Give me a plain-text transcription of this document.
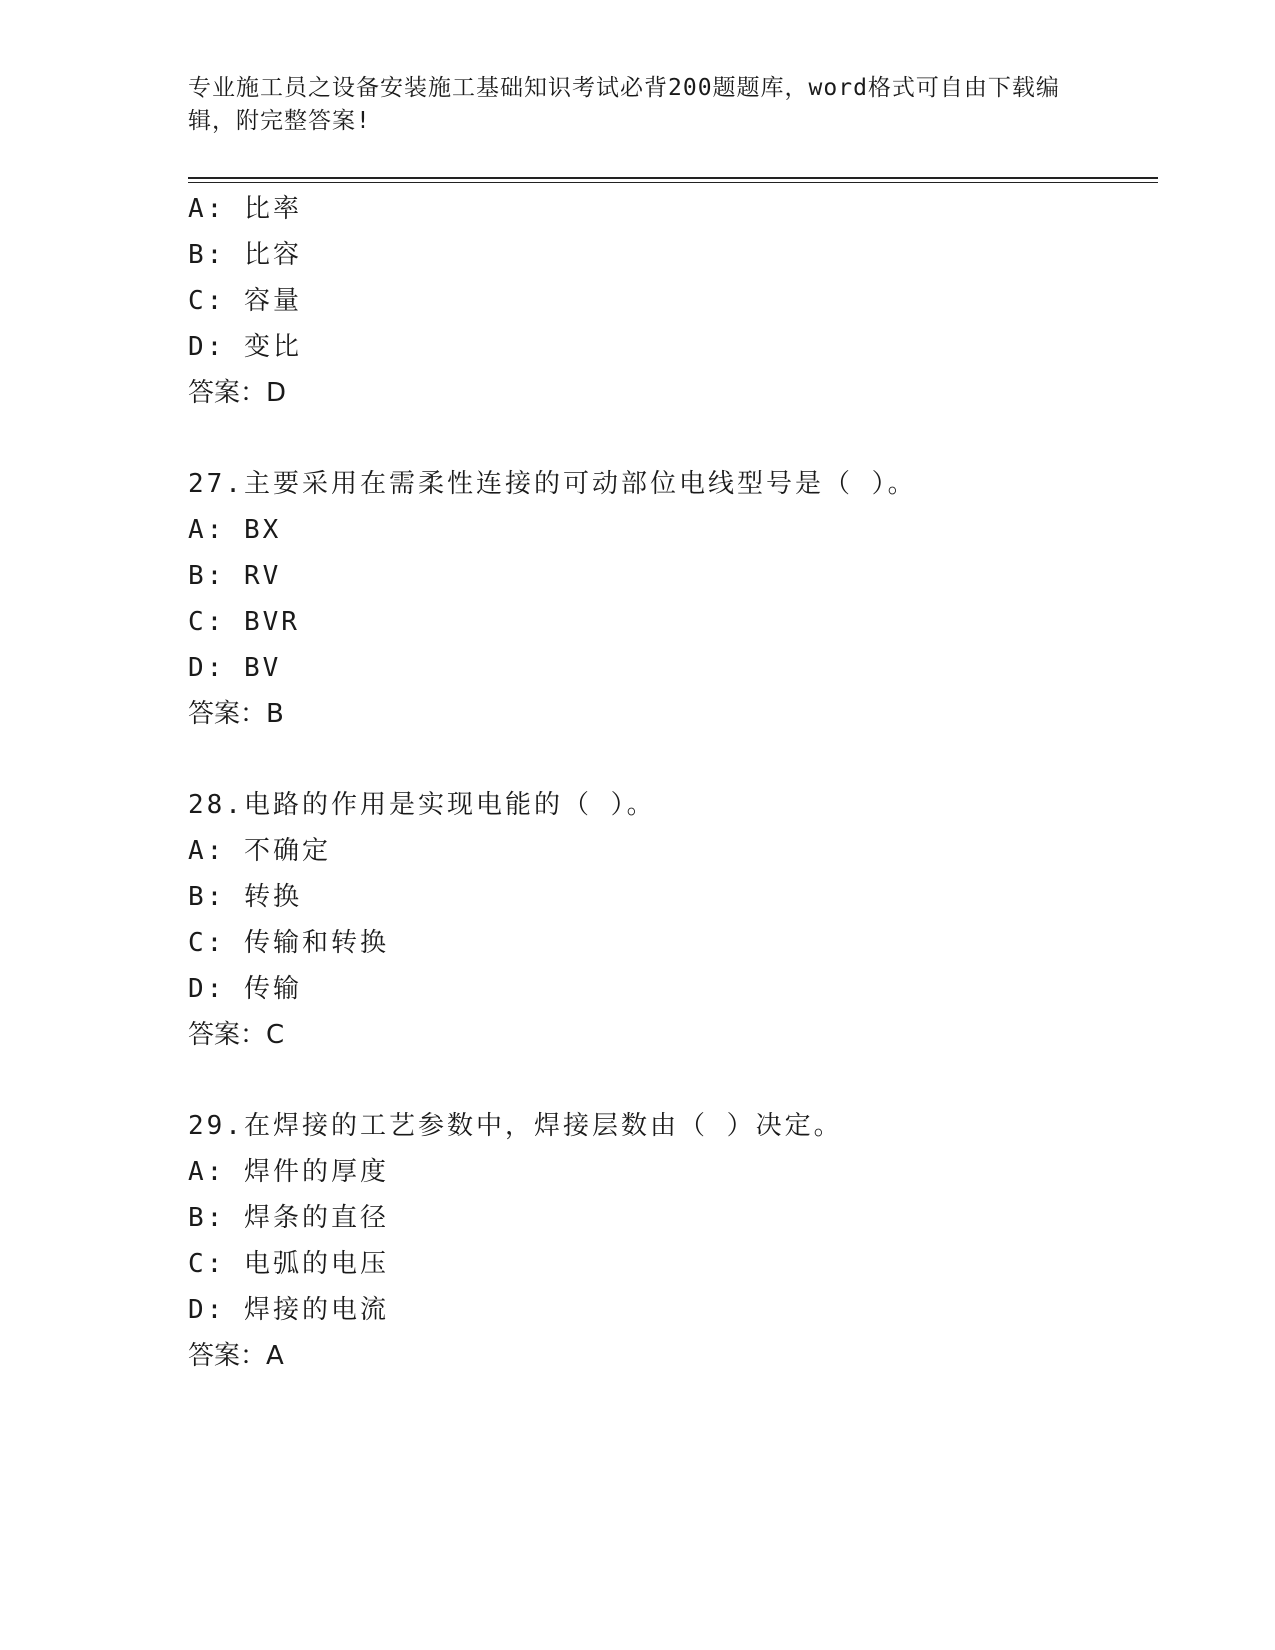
专业施工员之设备安装施工基础知识考试必背200题题库，word格式可自由下载编辑，附完整答案!
A: 比率
B: 比容
C: 容量
D: 变比
答案：D
27.主要采用在需柔性连接的可动部位电线型号是（ ）。
A: BX
B: RV
C: BVR
D: BV
答案：B
28.电路的作用是实现电能的（ ）。
A: 不确定
B: 转换
C: 传输和转换
D: 传输
答案：C
29.在焊接的工艺参数中，焊接层数由（ ）决定。
A: 焊件的厚度
B: 焊条的直径
C: 电弧的电压
D: 焊接的电流
答案：A
